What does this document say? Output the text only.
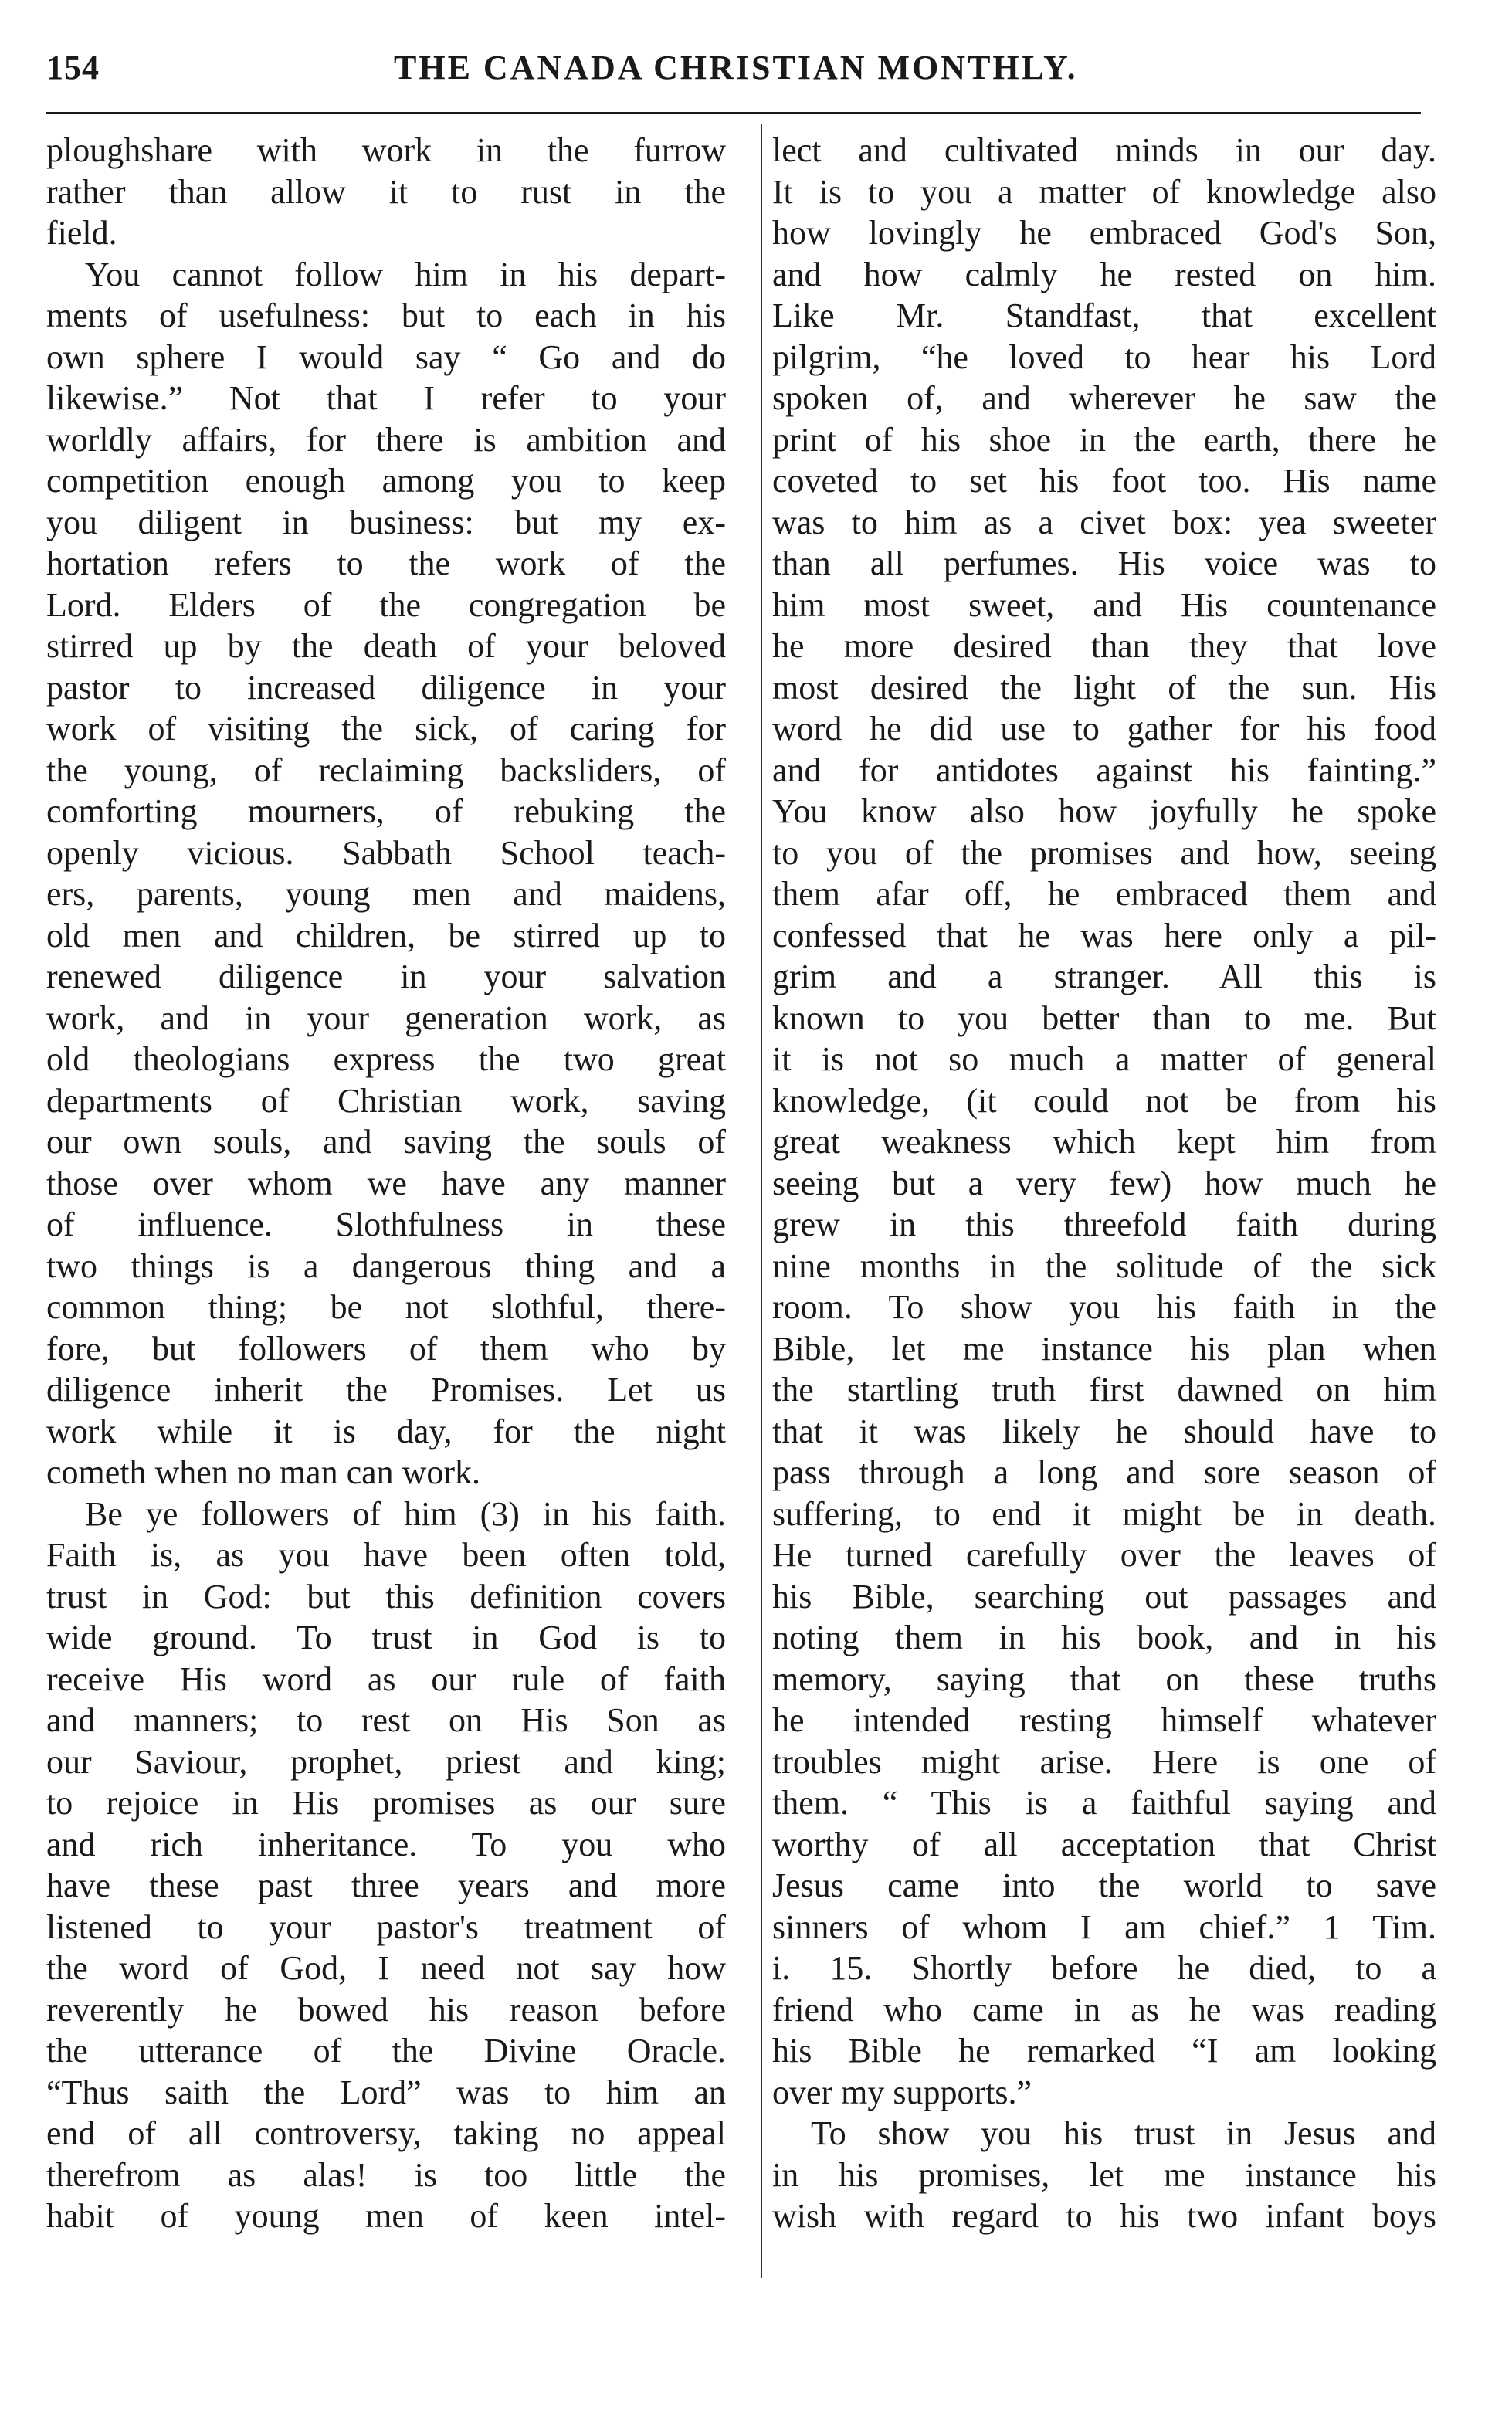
154	THE CANADA CHRISTIAN MONTHLY.
ploughshare with work in the furrow
rather than allow it to rust in the
field.
You cannot follow him in his depart-
ments of usefulness: but to each in his
own sphere I would say “ Go and do
likewise.” Not that I refer to your
worldly affairs, for there is ambition and
competition enough among you to keep
you diligent in business: but my ex-
hortation refers to the work of the
Lord. Elders of the congregation be
stirred up by the death of your beloved
pastor to increased diligence in your
work of visiting the sick, of caring for
the young, of reclaiming backsliders, of
comforting mourners, of rebuking the
openly vicious. Sabbath School teach-
ers, parents, young men and maidens,
old men and children, be stirred up to
renewed diligence in your salvation
work, and in your generation work, as
old theologians express the two great
departments of Christian work, saving
our own souls, and saving the souls of
those over whom we have any manner
of influence. Slothfulness in these
two things is a dangerous thing and a
common thing; be not slothful, there-
fore, but followers of them who by
diligence inherit the Promises. Let us
work while it is day, for the night
cometh when no man can work.
Be ye followers of him (3) in his faith.
Faith is, as you have been often told,
trust in God: but this definition covers
wide ground. To trust in God is to
receive His word as our rule of faith
and manners; to rest on His Son as
our Saviour, prophet, priest and king;
to rejoice in His promises as our sure
and rich inheritance. To you who
have these past three years and more
listened to your pastor's treatment of
the word of God, I need not say how
reverently he bowed his reason before
the utterance of the Divine Oracle.
“Thus saith the Lord” was to him an
end of all controversy, taking no appeal
therefrom as alas! is too little the
habit of young men of keen intel-
lect and cultivated minds in our day.
It is to you a matter of knowledge also
how lovingly he embraced God's Son,
and how calmly he rested on him.
Like Mr. Standfast, that excellent
pilgrim, “he loved to hear his Lord
spoken of, and wherever he saw the
print of his shoe in the earth, there he
coveted to set his foot too. His name
was to him as a civet box: yea sweeter
than all perfumes. His voice was to
him most sweet, and His countenance
he more desired than they that love
most desired the light of the sun. His
word he did use to gather for his food
and for antidotes against his fainting.”
You know also how joyfully he spoke
to you of the promises and how, seeing
them afar off, he embraced them and
confessed that he was here only a pil-
grim and a stranger. All this is
known to you better than to me. But
it is not so much a matter of general
knowledge, (it could not be from his
great weakness which kept him from
seeing but a very few) how much he
grew in this threefold faith during
nine months in the solitude of the sick
room. To show you his faith in the
Bible, let me instance his plan when
the startling truth first dawned on him
that it was likely he should have to
pass through a long and sore season of
suffering, to end it might be in death.
He turned carefully over the leaves of
his Bible, searching out passages and
noting them in his book, and in his
memory, saying that on these truths
he intended resting himself whatever
troubles might arise. Here is one of
them. “ This is a faithful saying and
worthy of all acceptation that Christ
Jesus came into the world to save
sinners of whom I am chief.” 1 Tim.
i. 15. Shortly before he died, to a
friend who came in as he was reading
his Bible he remarked “I am looking
over my supports.”
To show you his trust in Jesus and
in his promises, let me instance his
wish with regard to his two infant boys
